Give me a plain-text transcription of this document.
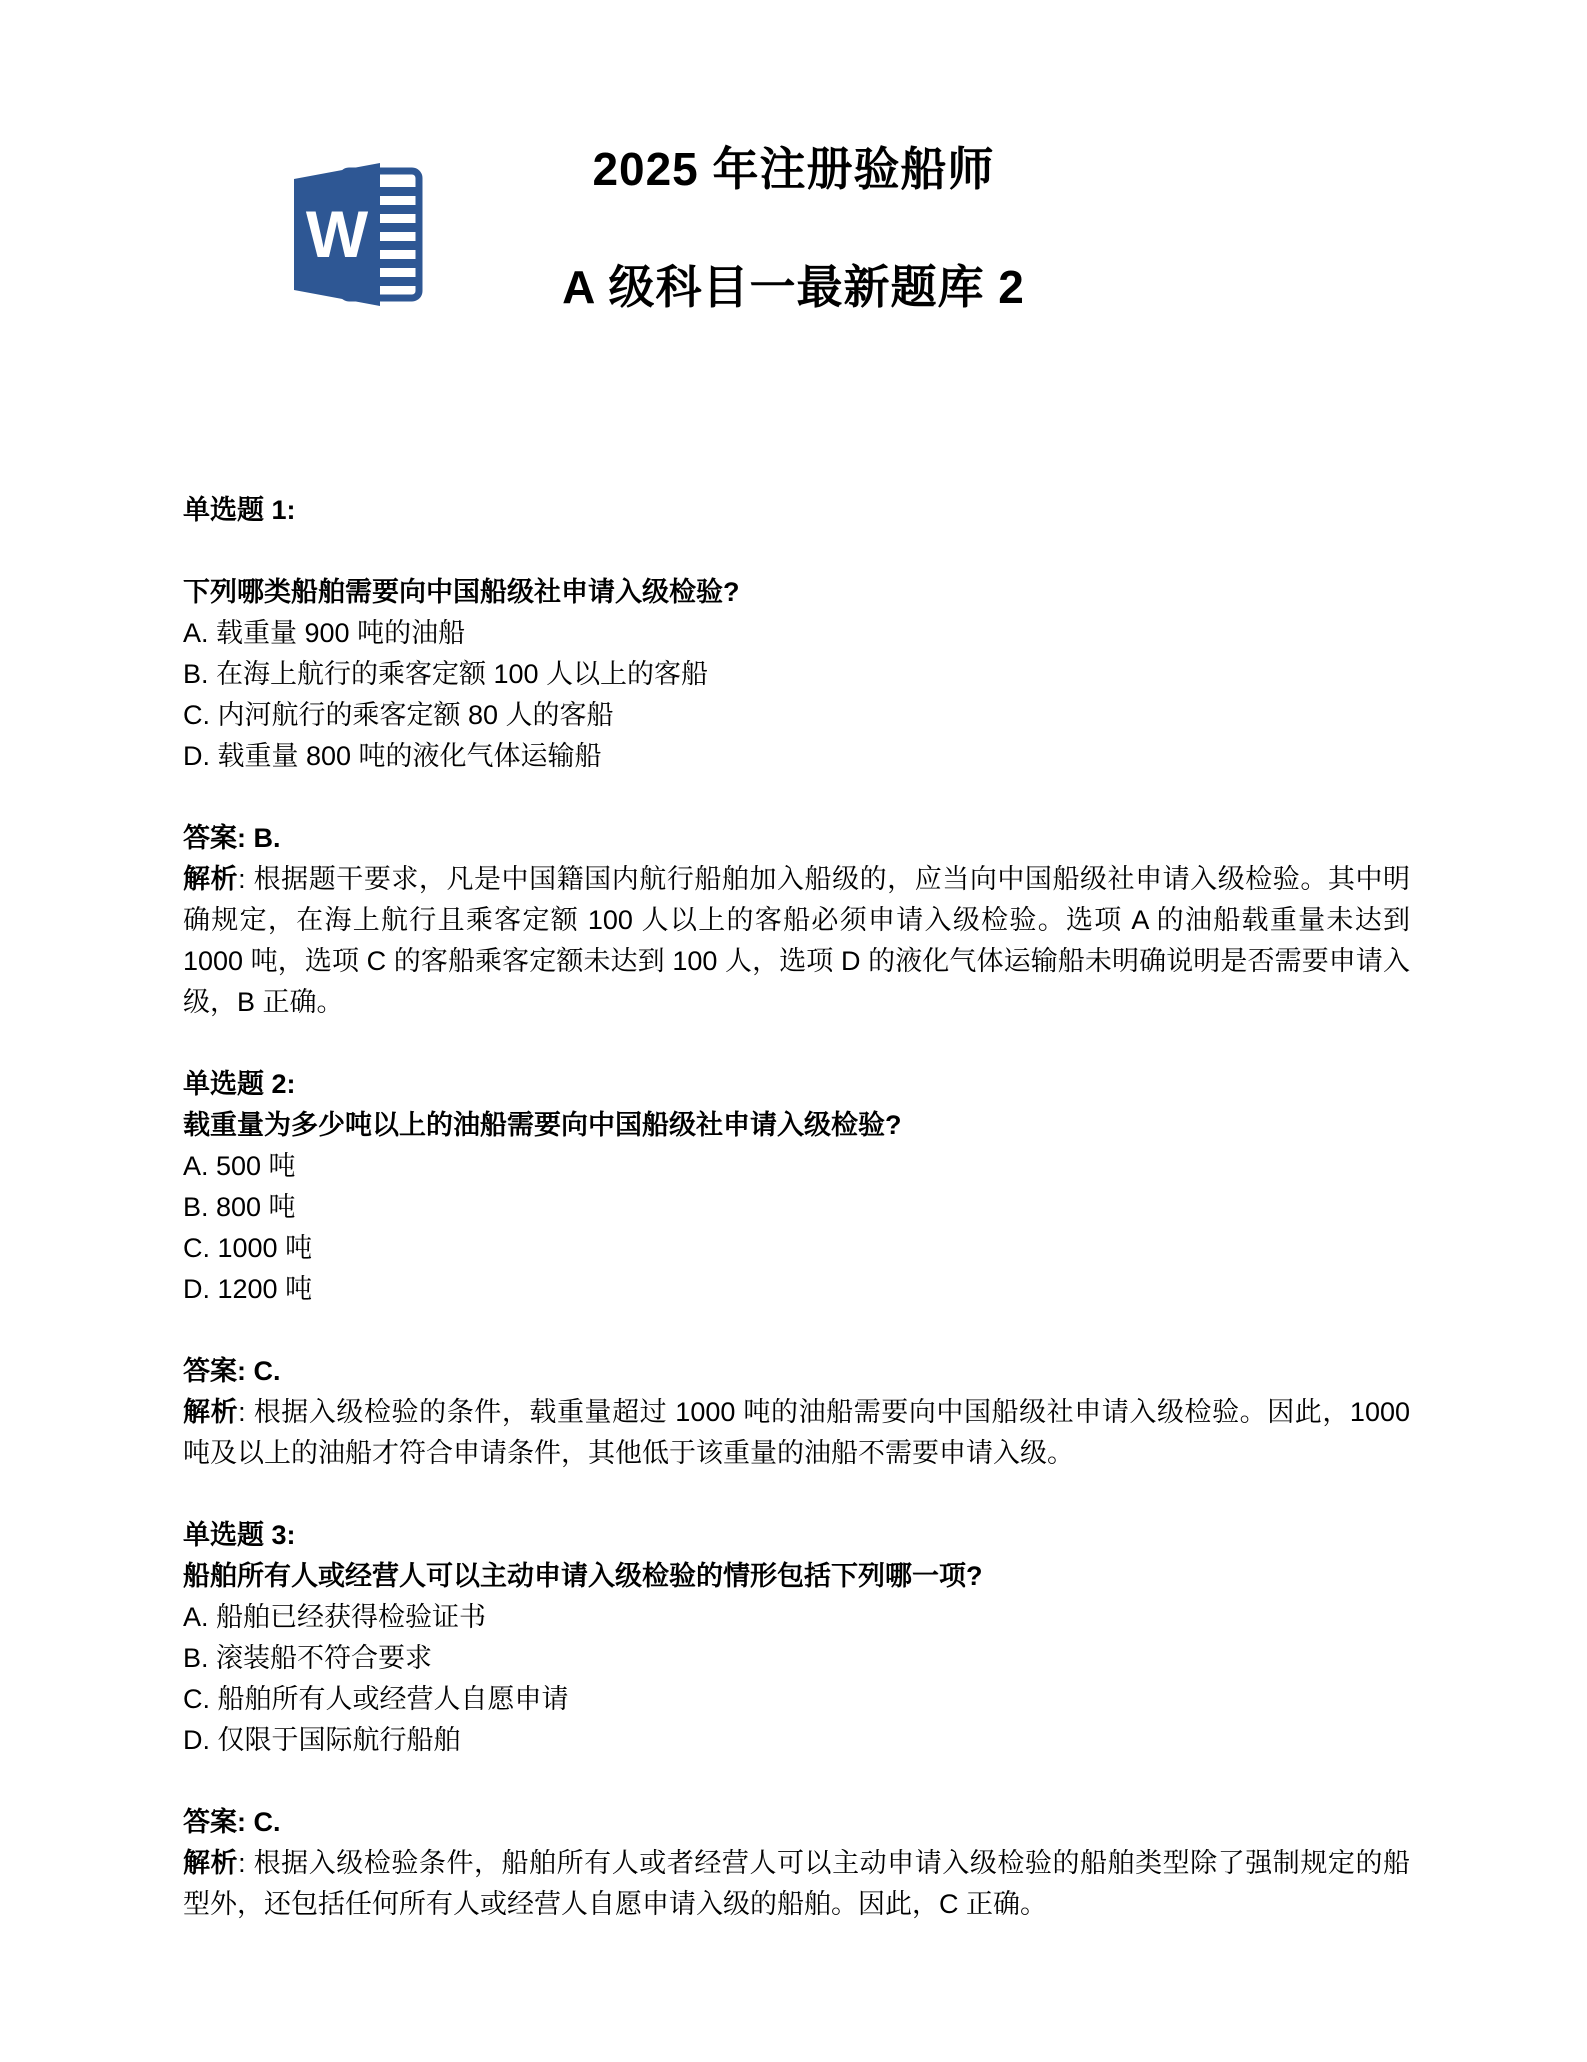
W
2025 年注册验船师
A 级科目一最新题库 2

单选题 1:

下列哪类船舶需要向中国船级社申请入级检验?

A. 载重量 900 吨的油船

B. 在海上航行的乘客定额 100 人以上的客船

C. 内河航行的乘客定额 80 人的客船

D. 载重量 800 吨的液化气体运输船

答案: B.

解析: 根据题干要求，凡是中国籍国内航行船舶加入船级的，应当向中国船级社申请入级检验。其中明确规定，在海上航行且乘客定额 100 人以上的客船必须申请入级检验。选项 A 的油船载重量未达到 1000 吨，选项 C 的客船乘客定额未达到 100 人，选项 D 的液化气体运输船未明确说明是否需要申请入级，B 正确。

单选题 2:

载重量为多少吨以上的油船需要向中国船级社申请入级检验?

A. 500 吨

B. 800 吨

C. 1000 吨

D. 1200 吨

答案: C.

解析: 根据入级检验的条件，载重量超过 1000 吨的油船需要向中国船级社申请入级检验。因此，1000 吨及以上的油船才符合申请条件，其他低于该重量的油船不需要申请入级。

单选题 3:

船舶所有人或经营人可以主动申请入级检验的情形包括下列哪一项?

A. 船舶已经获得检验证书

B. 滚装船不符合要求

C. 船舶所有人或经营人自愿申请

D. 仅限于国际航行船舶

答案: C.

解析: 根据入级检验条件，船舶所有人或者经营人可以主动申请入级检验的船舶类型除了强制规定的船型外，还包括任何所有人或经营人自愿申请入级的船舶。因此，C 正确。
